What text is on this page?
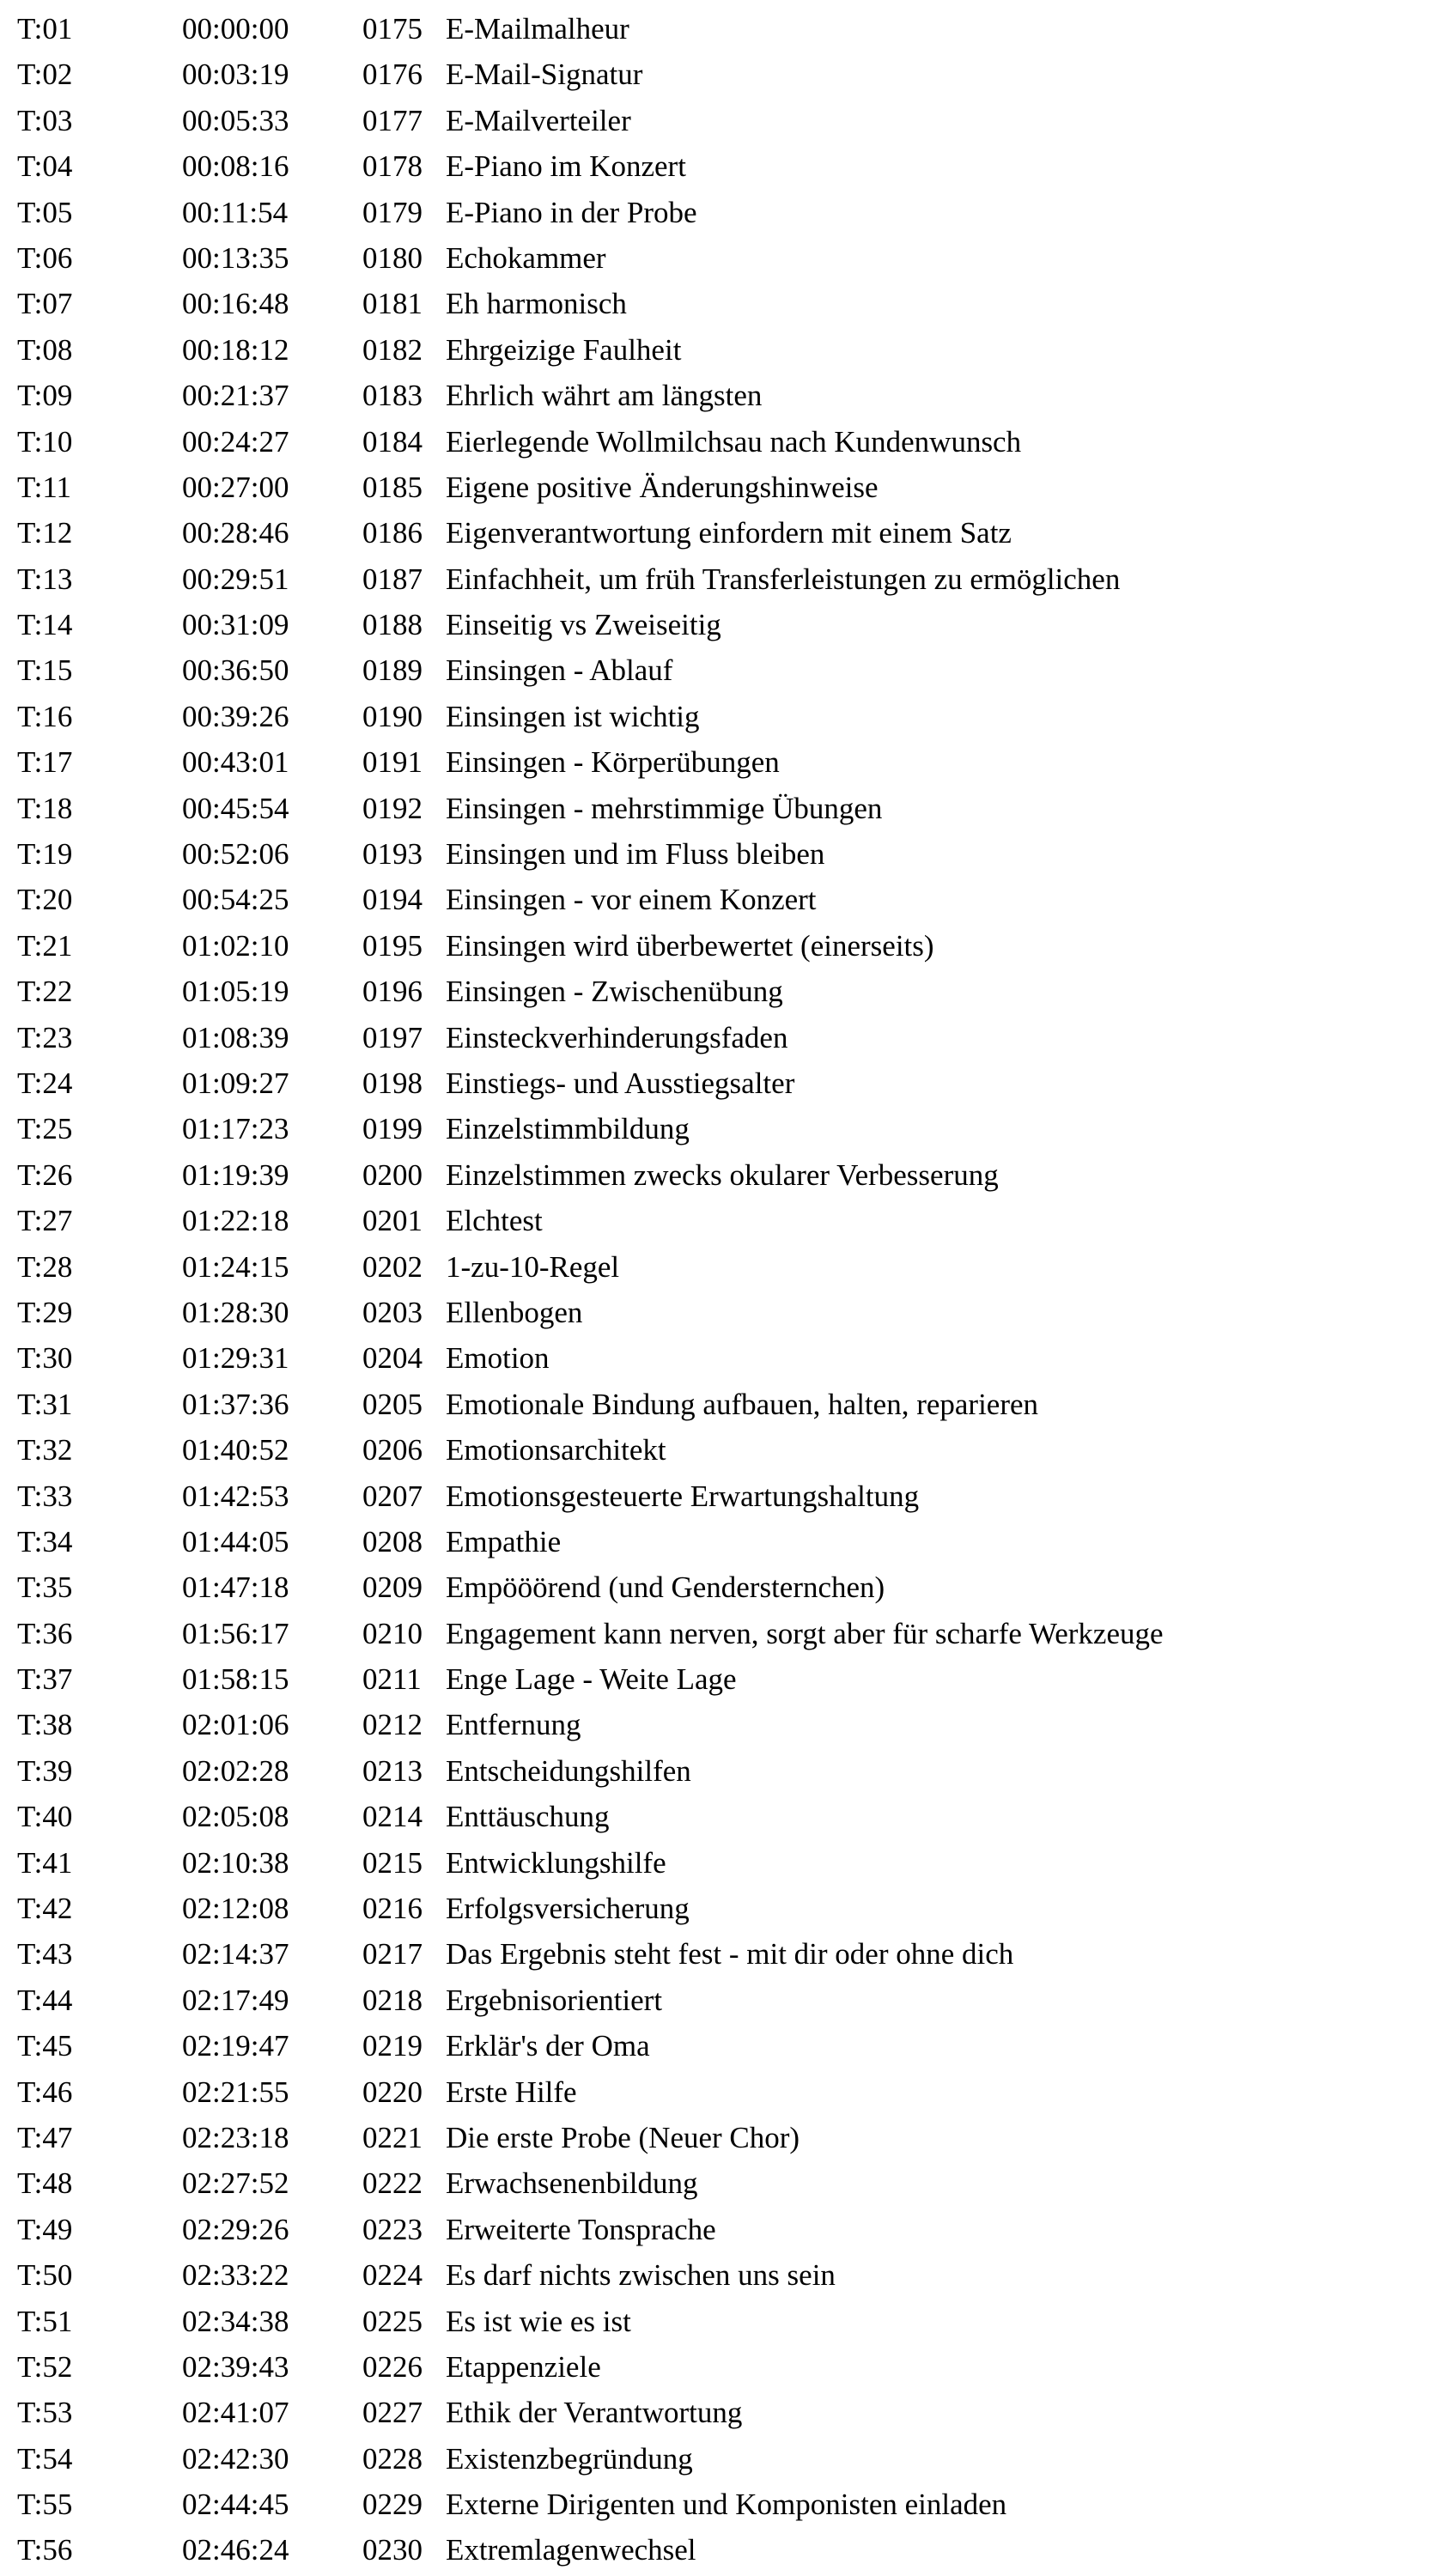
T:01	00:00:00 0175 E-Mailmalheur
T:02	00:03:19 0176 E-Mail-Signatur
T:03	00:05:33 0177 E-Mailverteiler
T:04	00:08:16 0178 E-Piano im Konzert
T:05	00:11:54 0179 E-Piano in der Probe
T:06	00:13:35 0180 Echokammer
T:07	00:16:48 0181 Eh harmonisch
T:08	00:18:12 0182 Ehrgeizige Faulheit
T:09	00:21:37 0183 Ehrlich währt am längsten
T:10	00:24:27 0184 Eierlegende Wollmilchsau nach Kundenwunsch
T:11	00:27:00 0185 Eigene positive Änderungshinweise
T:12	00:28:46 0186 Eigenverantwortung einfordern mit einem Satz
T:13	00:29:51 0187 Einfachheit, um früh Transferleistungen zu ermöglichen
T:14	00:31:09 0188 Einseitig vs Zweiseitig
T:15	00:36:50 0189 Einsingen - Ablauf
T:16	00:39:26 0190 Einsingen ist wichtig
T:17	00:43:01 0191 Einsingen - Körperübungen
T:18	00:45:54 0192 Einsingen - mehrstimmige Übungen
T:19	00:52:06 0193 Einsingen und im Fluss bleiben
T:20	00:54:25 0194 Einsingen - vor einem Konzert
T:21	01:02:10 0195 Einsingen wird überbewertet (einerseits)
T:22	01:05:19 0196 Einsingen - Zwischenübung
T:23	01:08:39 0197 Einsteckverhinderungsfaden
T:24	01:09:27 0198 Einstiegs- und Ausstiegsalter
T:25	01:17:23 0199 Einzelstimmbildung
T:26	01:19:39 0200 Einzelstimmen zwecks okularer Verbesserung
T:27	01:22:18 0201 Elchtest
T:28	01:24:15 0202 1-zu-10-Regel
T:29	01:28:30 0203 Ellenbogen
T:30	01:29:31 0204 Emotion
T:31	01:37:36 0205 Emotionale Bindung aufbauen, halten, reparieren
T:32	01:40:52 0206 Emotionsarchitekt
T:33	01:42:53 0207 Emotionsgesteuerte Erwartungshaltung
T:34	01:44:05 0208 Empathie
T:35	01:47:18 0209 Empööörend (und Gendersternchen)
T:36	01:56:17 0210 Engagement kann nerven, sorgt aber für scharfe Werkzeuge
T:37	01:58:15 0211 Enge Lage - Weite Lage
T:38	02:01:06 0212 Entfernung
T:39	02:02:28 0213 Entscheidungshilfen
T:40	02:05:08 0214 Enttäuschung
T:41	02:10:38 0215 Entwicklungshilfe
T:42	02:12:08 0216 Erfolgsversicherung
T:43	02:14:37 0217 Das Ergebnis steht fest - mit dir oder ohne dich
T:44	02:17:49 0218 Ergebnisorientiert
T:45	02:19:47 0219 Erklär's der Oma
T:46	02:21:55 0220 Erste Hilfe
T:47	02:23:18 0221 Die erste Probe (Neuer Chor)
T:48	02:27:52 0222 Erwachsenenbildung
T:49	02:29:26 0223 Erweiterte Tonsprache
T:50	02:33:22 0224 Es darf nichts zwischen uns sein
T:51	02:34:38 0225 Es ist wie es ist
T:52	02:39:43 0226 Etappenziele
T:53	02:41:07 0227 Ethik der Verantwortung
T:54	02:42:30 0228 Existenzbegründung
T:55	02:44:45 0229 Externe Dirigenten und Komponisten einladen
T:56	02:46:24 0230 Extremlagenwechsel
